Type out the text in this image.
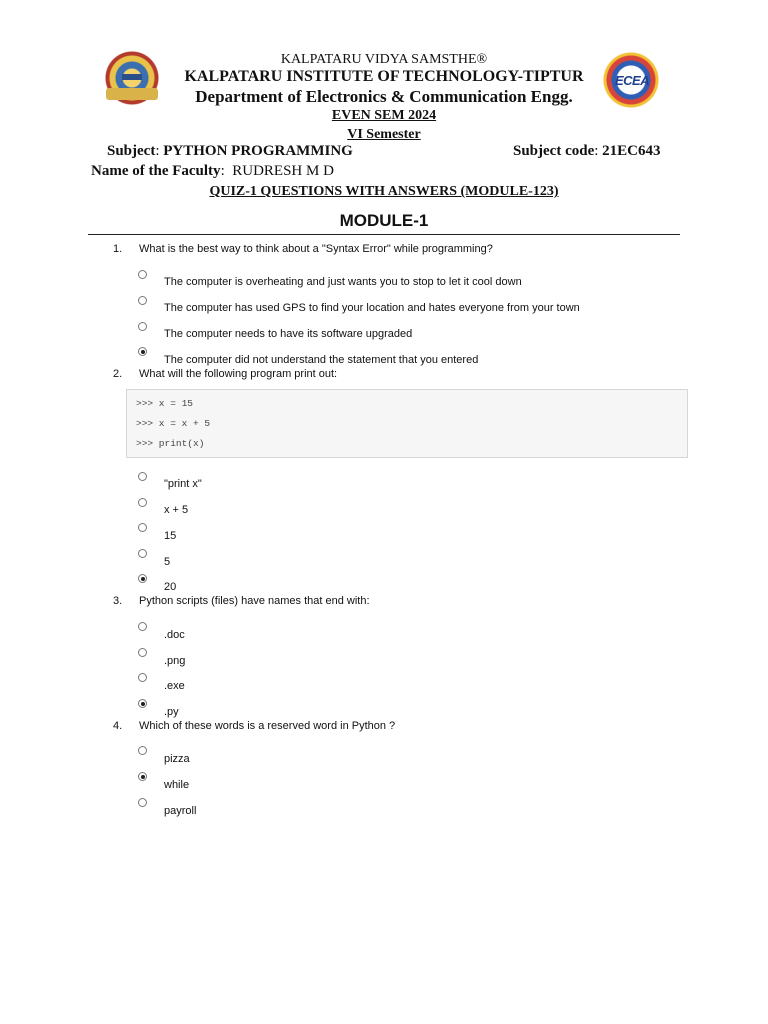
ECEA
KALPATARU VIDYA SAMSTHE®
KALPATARU INSTITUTE OF TECHNOLOGY-TIPTUR
Department of Electronics & Communication Engg.
EVEN SEM 2024
VI Semester
Subject: PYTHON PROGRAMMING	Subject code: 21EC643
Name of the Faculty:  RUDRESH M D
QUIZ-1 QUESTIONS WITH ANSWERS (MODULE-123)
MODULE-1
1. What is the best way to think about a "Syntax Error" while programming?
The computer is overheating and just wants you to stop to let it cool down
The computer has used GPS to find your location and hates everyone from your town
The computer needs to have its software upgraded
The computer did not understand the statement that you entered
2. What will the following program print out:
>>> x = 15
>>> x = x + 5
>>> print(x)
"print x"
x + 5
15
5
20
3. Python scripts (files) have names that end with:
.doc
.png
.exe
.py
4. Which of these words is a reserved word in Python ?
pizza
while
payroll
